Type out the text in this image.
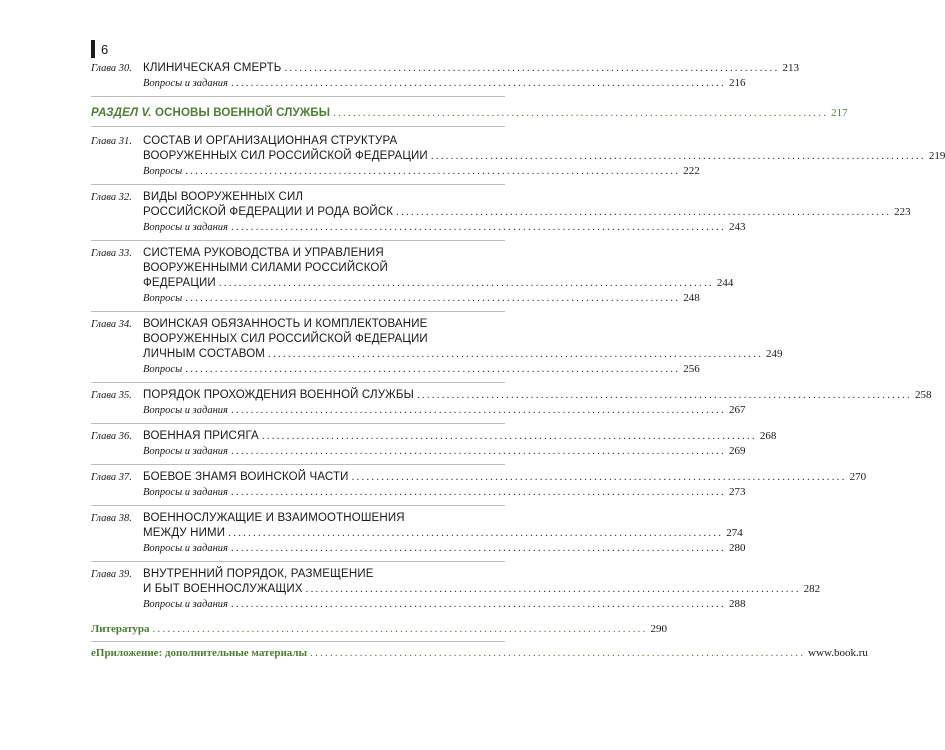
6
Глава 30. КЛИНИЧЕСКАЯ СМЕРТЬ .................................................................................................... 213
Вопросы и задания .................................................................................................... 216
РАЗДЕЛ V. ОСНОВЫ ВОЕННОЙ СЛУЖБЫ .................................................................................................... 217
Глава 31. СОСТАВ И ОРГАНИЗАЦИОННАЯ СТРУКТУРА
ВООРУЖЕННЫХ СИЛ РОССИЙСКОЙ ФЕДЕРАЦИИ .................................................................................................... 219
Вопросы .................................................................................................... 222
Глава 32. ВИДЫ ВООРУЖЕННЫХ СИЛ
РОССИЙСКОЙ ФЕДЕРАЦИИ И РОДА ВОЙСК .................................................................................................... 223
Вопросы и задания .................................................................................................... 243
Глава 33. СИСТЕМА РУКОВОДСТВА И УПРАВЛЕНИЯ
ВООРУЖЕННЫМИ СИЛАМИ РОССИЙСКОЙ
ФЕДЕРАЦИИ .................................................................................................... 244
Вопросы .................................................................................................... 248
Глава 34. ВОИНСКАЯ ОБЯЗАННОСТЬ И КОМПЛЕКТОВАНИЕ
ВООРУЖЕННЫХ СИЛ РОССИЙСКОЙ ФЕДЕРАЦИИ
ЛИЧНЫМ СОСТАВОМ .................................................................................................... 249
Вопросы .................................................................................................... 256
Глава 35. ПОРЯДОК ПРОХОЖДЕНИЯ ВОЕННОЙ СЛУЖБЫ .................................................................................................... 258
Вопросы и задания .................................................................................................... 267
Глава 36. ВОЕННАЯ ПРИСЯГА .................................................................................................... 268
Вопросы и задания .................................................................................................... 269
Глава 37. БОЕВОЕ ЗНАМЯ ВОИНСКОЙ ЧАСТИ .................................................................................................... 270
Вопросы и задания .................................................................................................... 273
Глава 38. ВОЕННОСЛУЖАЩИЕ И ВЗАИМООТНОШЕНИЯ
МЕЖДУ НИМИ .................................................................................................... 274
Вопросы и задания .................................................................................................... 280
Глава 39. ВНУТРЕННИЙ ПОРЯДОК, РАЗМЕЩЕНИЕ
И БЫТ ВОЕННОСЛУЖАЩИХ .................................................................................................... 282
Вопросы и задания .................................................................................................... 288
Литература .................................................................................................... 290
еПриложение: дополнительные материалы .................................................................................................... www.book.ru
